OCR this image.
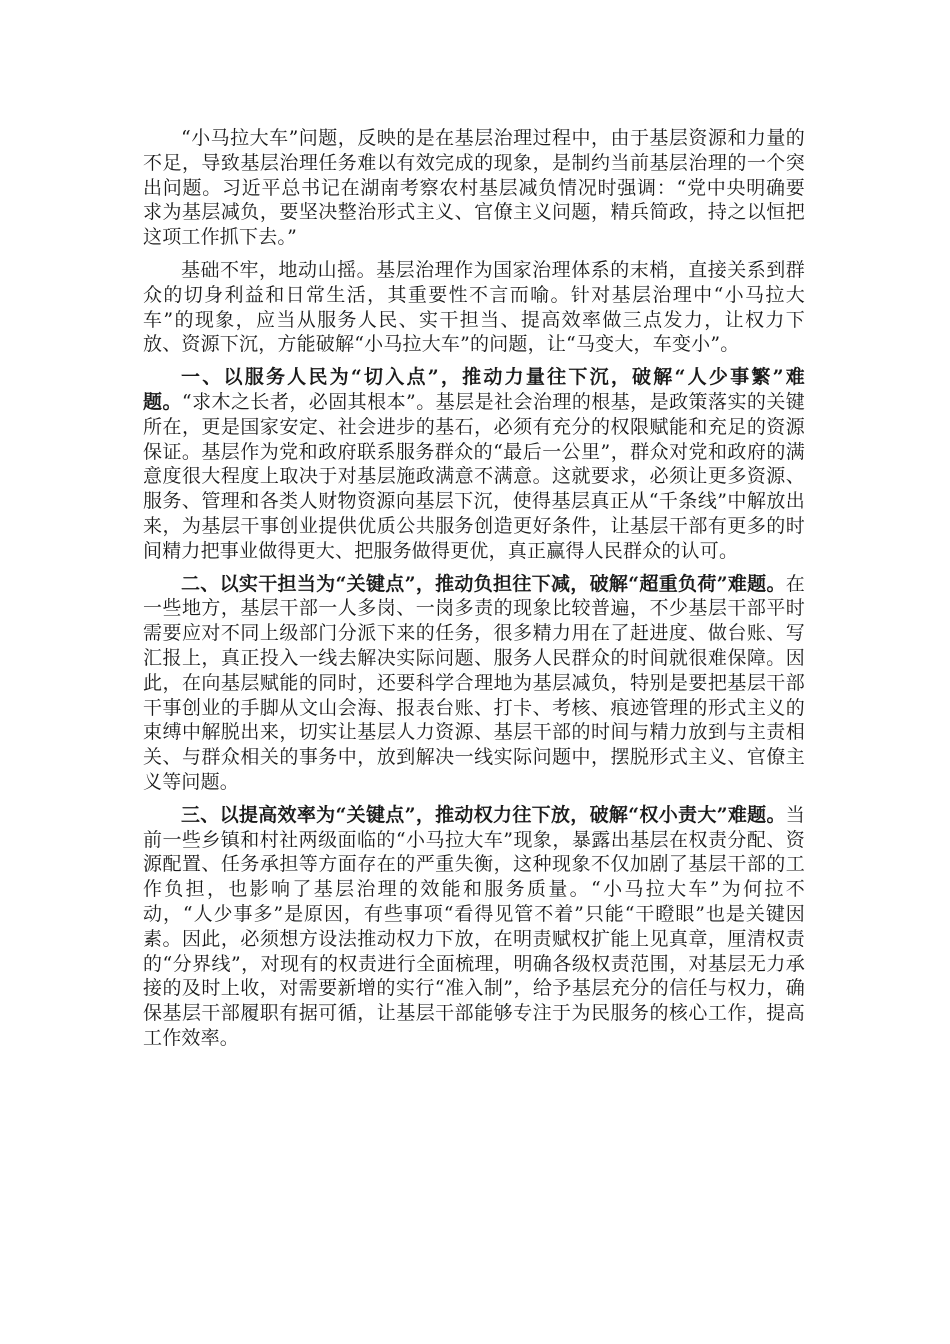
“小马拉大车”问题，反映的是在基层治理过程中，由于基层资源和力量的不足，导致基层治理任务难以有效完成的现象，是制约当前基层治理的一个突出问题。习近平总书记在湖南考察农村基层减负情况时强调：“党中央明确要求为基层减负，要坚决整治形式主义、官僚主义问题，精兵简政，持之以恒把这项工作抓下去。”

基础不牢，地动山摇。基层治理作为国家治理体系的末梢，直接关系到群众的切身利益和日常生活，其重要性不言而喻。针对基层治理中“小马拉大车”的现象，应当从服务人民、实干担当、提高效率做三点发力，让权力下放、资源下沉，方能破解“小马拉大车”的问题，让“马变大，车变小”。

一、以服务人民为“切入点”，推动力量往下沉，破解“人少事繁”难题。“求木之长者，必固其根本”。基层是社会治理的根基，是政策落实的关键所在，更是国家安定、社会进步的基石，必须有充分的权限赋能和充足的资源保证。基层作为党和政府联系服务群众的“最后一公里”，群众对党和政府的满意度很大程度上取决于对基层施政满意不满意。这就要求，必须让更多资源、服务、管理和各类人财物资源向基层下沉，使得基层真正从“千条线”中解放出来，为基层干事创业提供优质公共服务创造更好条件，让基层干部有更多的时间精力把事业做得更大、把服务做得更优，真正赢得人民群众的认可。

二、以实干担当为“关键点”，推动负担往下减，破解“超重负荷”难题。在一些地方，基层干部一人多岗、一岗多责的现象比较普遍，不少基层干部平时需要应对不同上级部门分派下来的任务，很多精力用在了赶进度、做台账、写汇报上，真正投入一线去解决实际问题、服务人民群众的时间就很难保障。因此，在向基层赋能的同时，还要科学合理地为基层减负，特别是要把基层干部干事创业的手脚从文山会海、报表台账、打卡、考核、痕迹管理的形式主义的束缚中解脱出来，切实让基层人力资源、基层干部的时间与精力放到与主责相关、与群众相关的事务中，放到解决一线实际问题中，摆脱形式主义、官僚主义等问题。

三、以提高效率为“关键点”，推动权力往下放，破解“权小责大”难题。当前一些乡镇和村社两级面临的“小马拉大车”现象，暴露出基层在权责分配、资源配置、任务承担等方面存在的严重失衡，这种现象不仅加剧了基层干部的工作负担，也影响了基层治理的效能和服务质量。“小马拉大车”为何拉不动，“人少事多”是原因，有些事项“看得见管不着”只能“干瞪眼”也是关键因素。因此，必须想方设法推动权力下放，在明责赋权扩能上见真章，厘清权责的“分界线”，对现有的权责进行全面梳理，明确各级权责范围，对基层无力承接的及时上收，对需要新增的实行“准入制”，给予基层充分的信任与权力，确保基层干部履职有据可循，让基层干部能够专注于为民服务的核心工作，提高工作效率。
